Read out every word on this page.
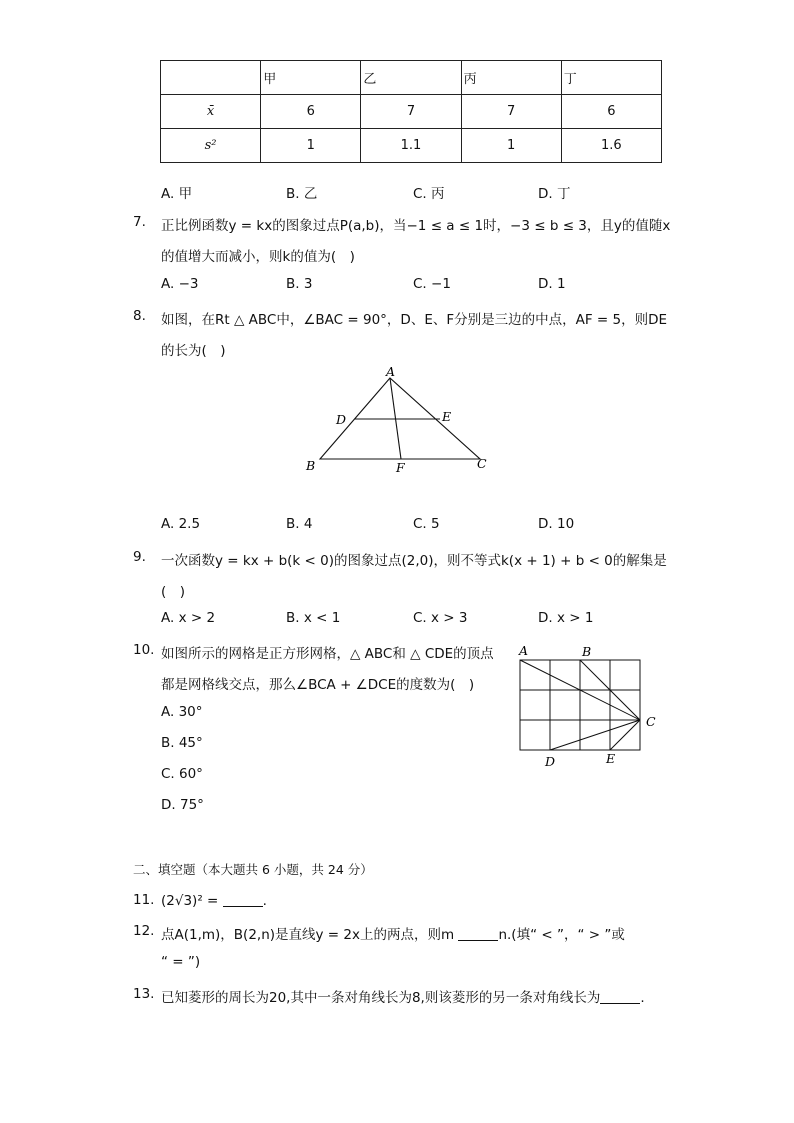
	甲	乙	丙	丁
x̄	6	7	7	6
s²	1	1.1	1	1.6
A. 甲	B. 乙	C. 丙	D. 丁
7. 正比例函数y = kx的图象过点P(a,b)，当−1 ≤ a ≤ 1时，−3 ≤ b ≤ 3，且y的值随x
的值增大而减小，则k的值为(　)
A. −3	B. 3	C. −1	D. 1
8. 如图，在Rt △ ABC中，∠BAC = 90°，D、E、F分别是三边的中点，AF = 5，则DE
的长为(　)
A
D	E
B	F	C
A. 2.5	B. 4	C. 5	D. 10
9. 一次函数y = kx + b(k < 0)的图象过点(2,0)，则不等式k(x + 1) + b < 0的解集是
(　)
A. x > 2	B. x < 1	C. x > 3	D. x > 1
10. 如图所示的网格是正方形网格，△ ABC和 △ CDE的顶点
都是网格线交点，那么∠BCA + ∠DCE的度数为(　)
A. 30°
B. 45°
C. 60°
D. 75°
A	B
C
D	E
二、填空题（本大题共 6 小题，共 24 分）
11. (2√3)² =	.
12. 点A(1,m)，B(2,n)是直线y = 2x上的两点，则m	n.(填“ < ”，“ > ”或
“ = ”)
13. 已知菱形的周长为20,其中一条对角线长为8,则该菱形的另一条对角线长为	.
